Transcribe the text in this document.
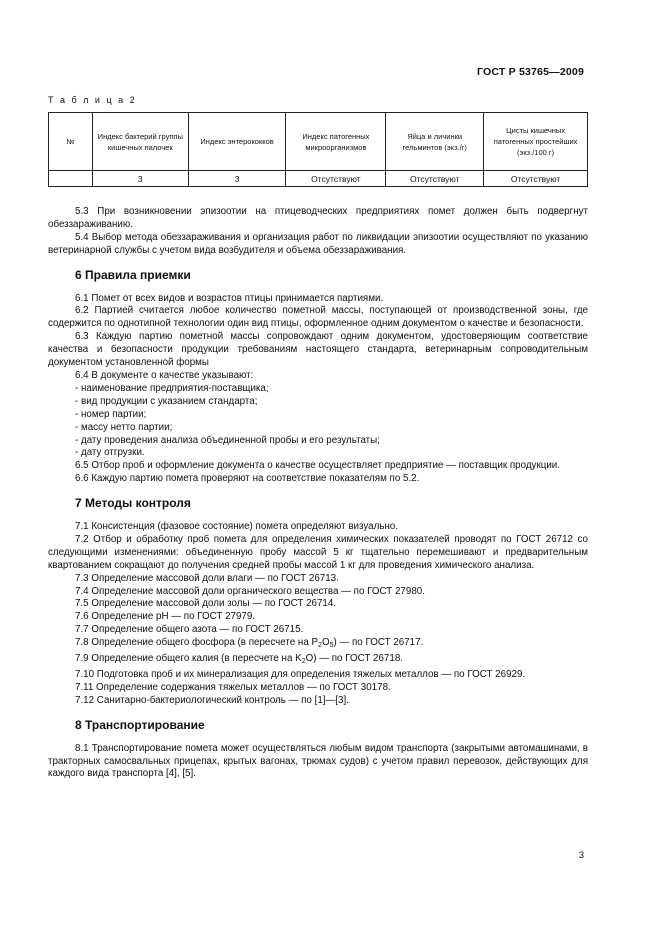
ГОСТ Р 53765—2009
Т а б л и ц а 2
№	Индекс бактерий группы кишечных палочек	Индекс энтерококков	Индекс патогенных микроорганизмов	Яйца и личинки гельминтов (экз./г)	Цисты кишечных патогенных простейших (экз./100 г)
	3	3	Отсутствуют	Отсутствуют	Отсутствуют

5.3 При возникновении эпизоотии на птицеводческих предприятиях помет должен быть подвергнут обеззараживанию.

5.4 Выбор метода обеззараживания и организация работ по ликвидации эпизоотии осуществляют по указанию ветеринарной службы с учетом вида возбудителя и объема обеззараживания.

6 Правила приемки

6.1 Помет от всех видов и возрастов птицы принимается партиями.

6.2 Партией считается любое количество пометной массы, поступающей от производственной зоны, где содержится по однотипной технологии один вид птицы, оформленное одним документом о качестве и безопасности.

6.3 Каждую партию пометной массы сопровождают одним документом, удостоверяющим соответствие качества и безопасности продукции требованиям настоящего стандарта, ветеринарным сопроводительным документом установленной формы

6.4 В документе о качестве указывают:

- наименование предприятия-поставщика;

- вид продукции с указанием стандарта;

- номер партии;

- массу нетто партии;

- дату проведения анализа объединенной пробы и его результаты;

- дату отгрузки.

6.5 Отбор проб и оформление документа о качестве осуществляет предприятие — поставщик продукции.

6.6 Каждую партию помета проверяют на соответствие показателям по 5.2.

7 Методы контроля

7.1 Консистенция (фазовое состояние) помета определяют визуально.

7.2 Отбор и обработку проб помета для определения химических показателей проводят по ГОСТ 26712 со следующими изменениями: объединенную пробу массой 5 кг тщательно перемешивают и предварительным квартованием сокращают до получения средней пробы массой 1 кг для проведения химического анализа.

7.3 Определение массовой доли влаги — по ГОСТ 26713.

7.4 Определение массовой доли органического вещества — по ГОСТ 27980.

7.5 Определение массовой доли золы — по ГОСТ 26714.

7.6 Определение рН — по ГОСТ 27979.

7.7 Определение общего азота — по ГОСТ 26715.

7.8 Определение общего фосфора (в пересчете на $Р_2О_5$) — по ГОСТ 26717.

7.9 Определение общего калия (в пересчете на $K_2О$) — по ГОСТ 26718.

7.10 Подготовка проб и их минерализация для определения тяжелых металлов — по ГОСТ 26929.

7.11 Определение содержания тяжелых металлов — по ГОСТ 30178.

7.12 Санитарно-бактериологический контроль — по [1]—[3].

8 Транспортирование

8.1 Транспортирование помета может осуществляться любым видом транспорта (закрытыми автомашинами, в тракторных самосвальных прицепах, крытых вагонах, трюмах судов) с учетом правил перевозок, действующих для каждого вида транспорта [4], [5].

3
